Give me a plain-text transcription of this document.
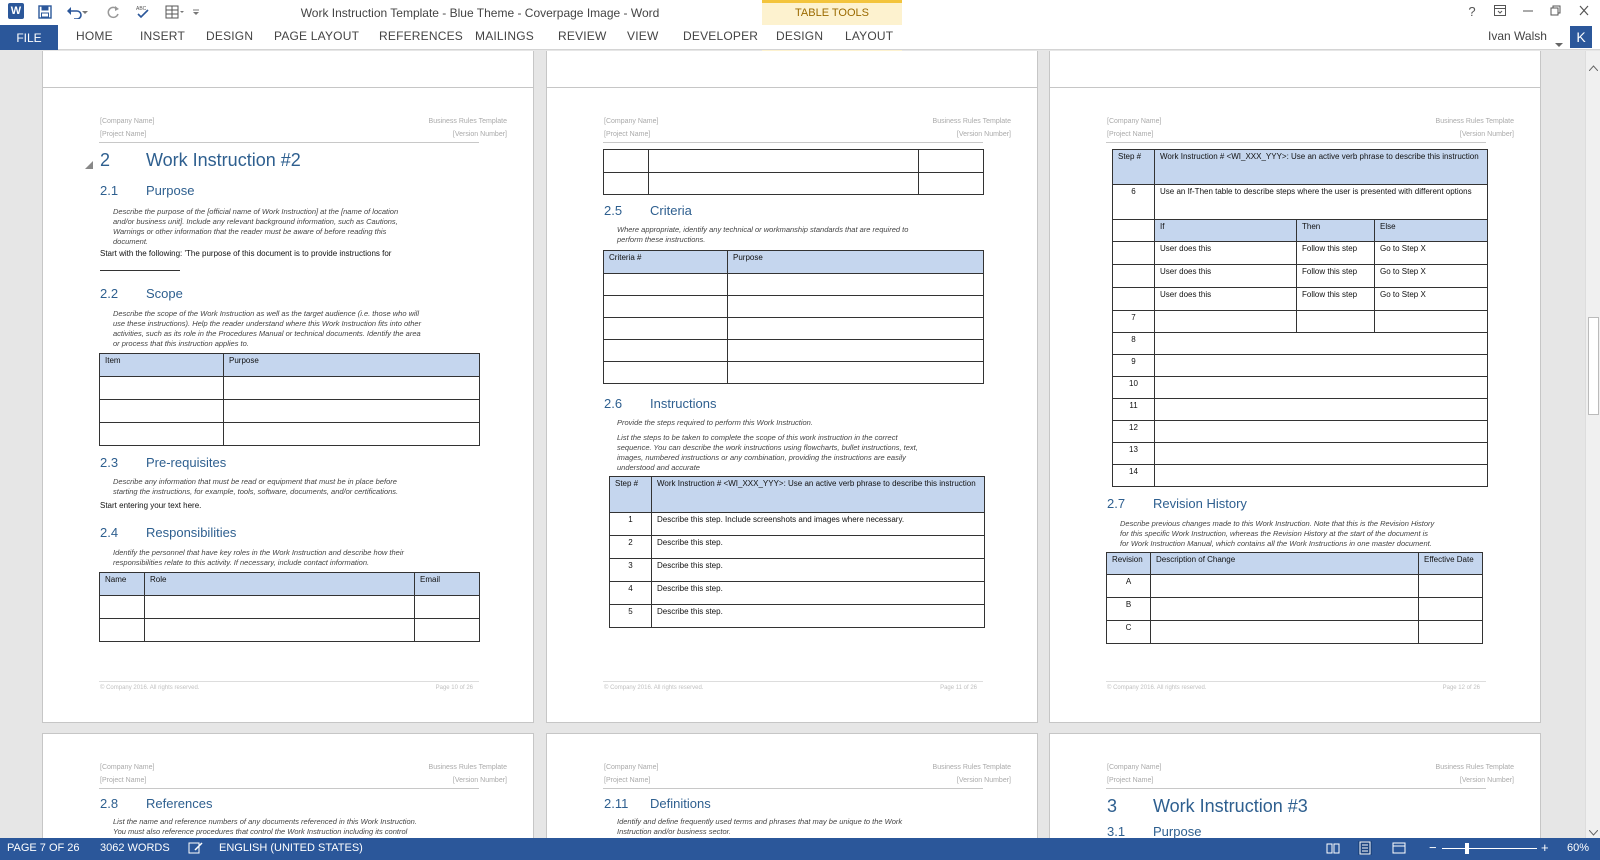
W	ABC	Work Instruction Template - Blue Theme - Coverpage Image - Word	TABLE TOOLS	?
FILE	HOME INSERT DESIGN PAGE LAYOUT REFERENCES MAILINGS REVIEW VIEW DEVELOPER DESIGN LAYOUT	Ivan Walsh	K
[Company Name]
[Project Name]
Business Rules Template
[Version Number]
2 Work Instruction #2
2.1 Purpose
Describe the purpose of the [official name of Work Instruction] at the [name of location
and/or business unit]. Include any relevant background information, such as Cautions,
Warnings or other information that the reader must be aware of before reading this
document.
Start with the following: 'The purpose of this document is to provide instructions for
2.2 Scope
Describe the scope of the Work Instruction as well as the target audience (i.e. those who will
use these instructions). Help the reader understand where this Work Instruction fits into other
activities, such as its role in the Procedures Manual or technical documents. Identify the area
or process that this instruction applies to.
Item	Purpose

2.3 Pre-requisites
Describe any information that must be read or equipment that must be in place before
starting the instructions, for example, tools, software, documents, and/or certifications.
Start entering your text here.
2.4 Responsibilities
Identify the personnel that have key roles in the Work Instruction and describe how their
responsibilities relate to this activity. If necessary, include contact information.
Name	Role	Email

© Company 2016. All rights reserved.	Page 10 of 26
[Company Name]
[Project Name]
Business Rules Template
[Version Number]

2.5 Criteria
Where appropriate, identify any technical or workmanship standards that are required to
perform these instructions.
Criteria #	Purpose

2.6 Instructions
Provide the steps required to perform this Work Instruction.
List the steps to be taken to complete the scope of this work instruction in the correct
sequence. You can describe the work instructions using flowcharts, bullet instructions, text,
images, numbered instructions or any combination, providing the instructions are easily
understood and accurate
Step #	Work Instruction # <WI_XXX_YYY>: Use an active verb phrase to describe this instruction
1	Describe this step. Include screenshots and images where necessary.
2	Describe this step.
3	Describe this step.
4	Describe this step.
5	Describe this step.
© Company 2016. All rights reserved.	Page 11 of 26
[Company Name]
[Project Name]
Business Rules Template
[Version Number]
Step #	Work Instruction # <WI_XXX_YYY>: Use an active verb phrase to describe this instruction		
6	Use an If-Then table to describe steps where the user is presented with different options		
	If	Then	Else
	User does this	Follow this step	Go to Step X
	User does this	Follow this step	Go to Step X
	User does this	Follow this step	Go to Step X
7			
8			
9			
10			
11			
12			
13			
14			
2.7 Revision History
Describe previous changes made to this Work Instruction. Note that this is the Revision History
for this specific Work Instruction, whereas the Revision History at the start of the document is
for Work Instruction Manual, which contains all the Work Instructions in one master document.
Revision	Description of Change	Effective Date
A		
B		
C		
© Company 2016. All rights reserved.	Page 12 of 26
[Company Name]
[Project Name]
Business Rules Template
[Version Number]
2.8 References
List the name and reference numbers of any documents referenced in this Work Instruction.
You must also reference procedures that control the Work Instruction including its control
[Company Name]
[Project Name]
Business Rules Template
[Version Number]
2.11 Definitions
Identify and define frequently used terms and phrases that may be unique to the Work
Instruction and/or business sector.
[Company Name]
[Project Name]
Business Rules Template
[Version Number]
3 Work Instruction #3
3.1 Purpose
PAGE 7 OF 26 3062 WORDS	ENGLISH (UNITED STATES)	−	+ 60%
